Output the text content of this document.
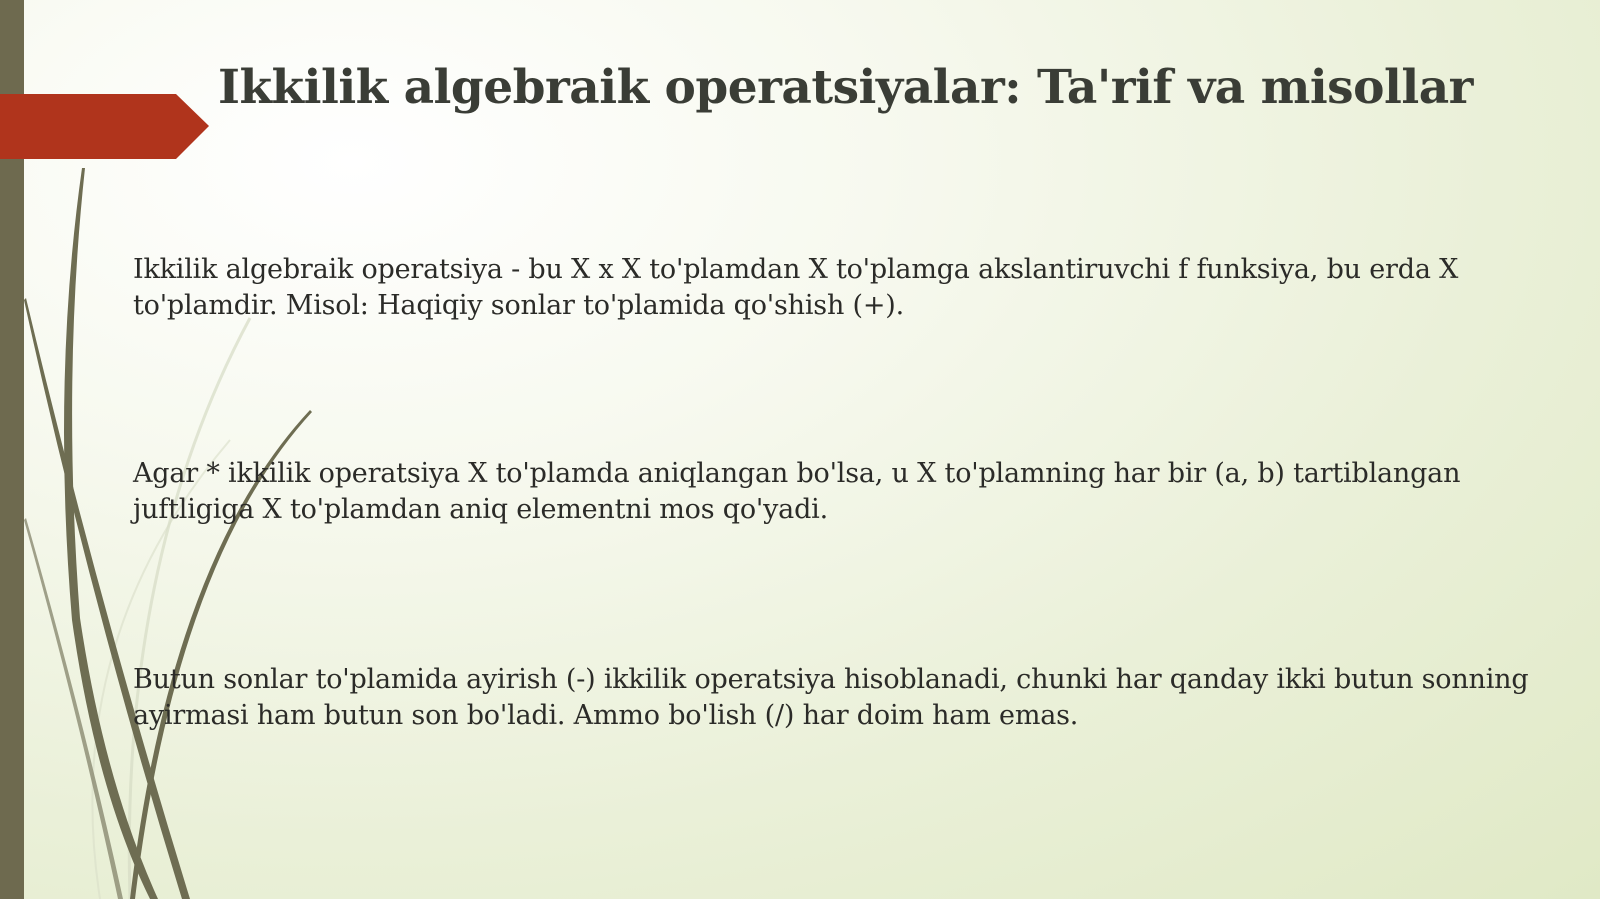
Ikkilik algebraik operatsiyalar: Ta'rif va misollar

Ikkilik algebraik operatsiya - bu X x X to'plamdan X to'plamga akslantiruvchi f funksiya, bu erda X to'plamdir. Misol: Haqiqiy sonlar to'plamida qo'shish (+).

Agar * ikkilik operatsiya X to'plamda aniqlangan bo'lsa, u X to'plamning har bir (a, b) tartiblangan juftligiga X to'plamdan aniq elementni mos qo'yadi.

Butun sonlar to'plamida ayirish (-) ikkilik operatsiya hisoblanadi, chunki har qanday ikki butun sonning ayirmasi ham butun son bo'ladi. Ammo bo'lish (/) har doim ham emas.
